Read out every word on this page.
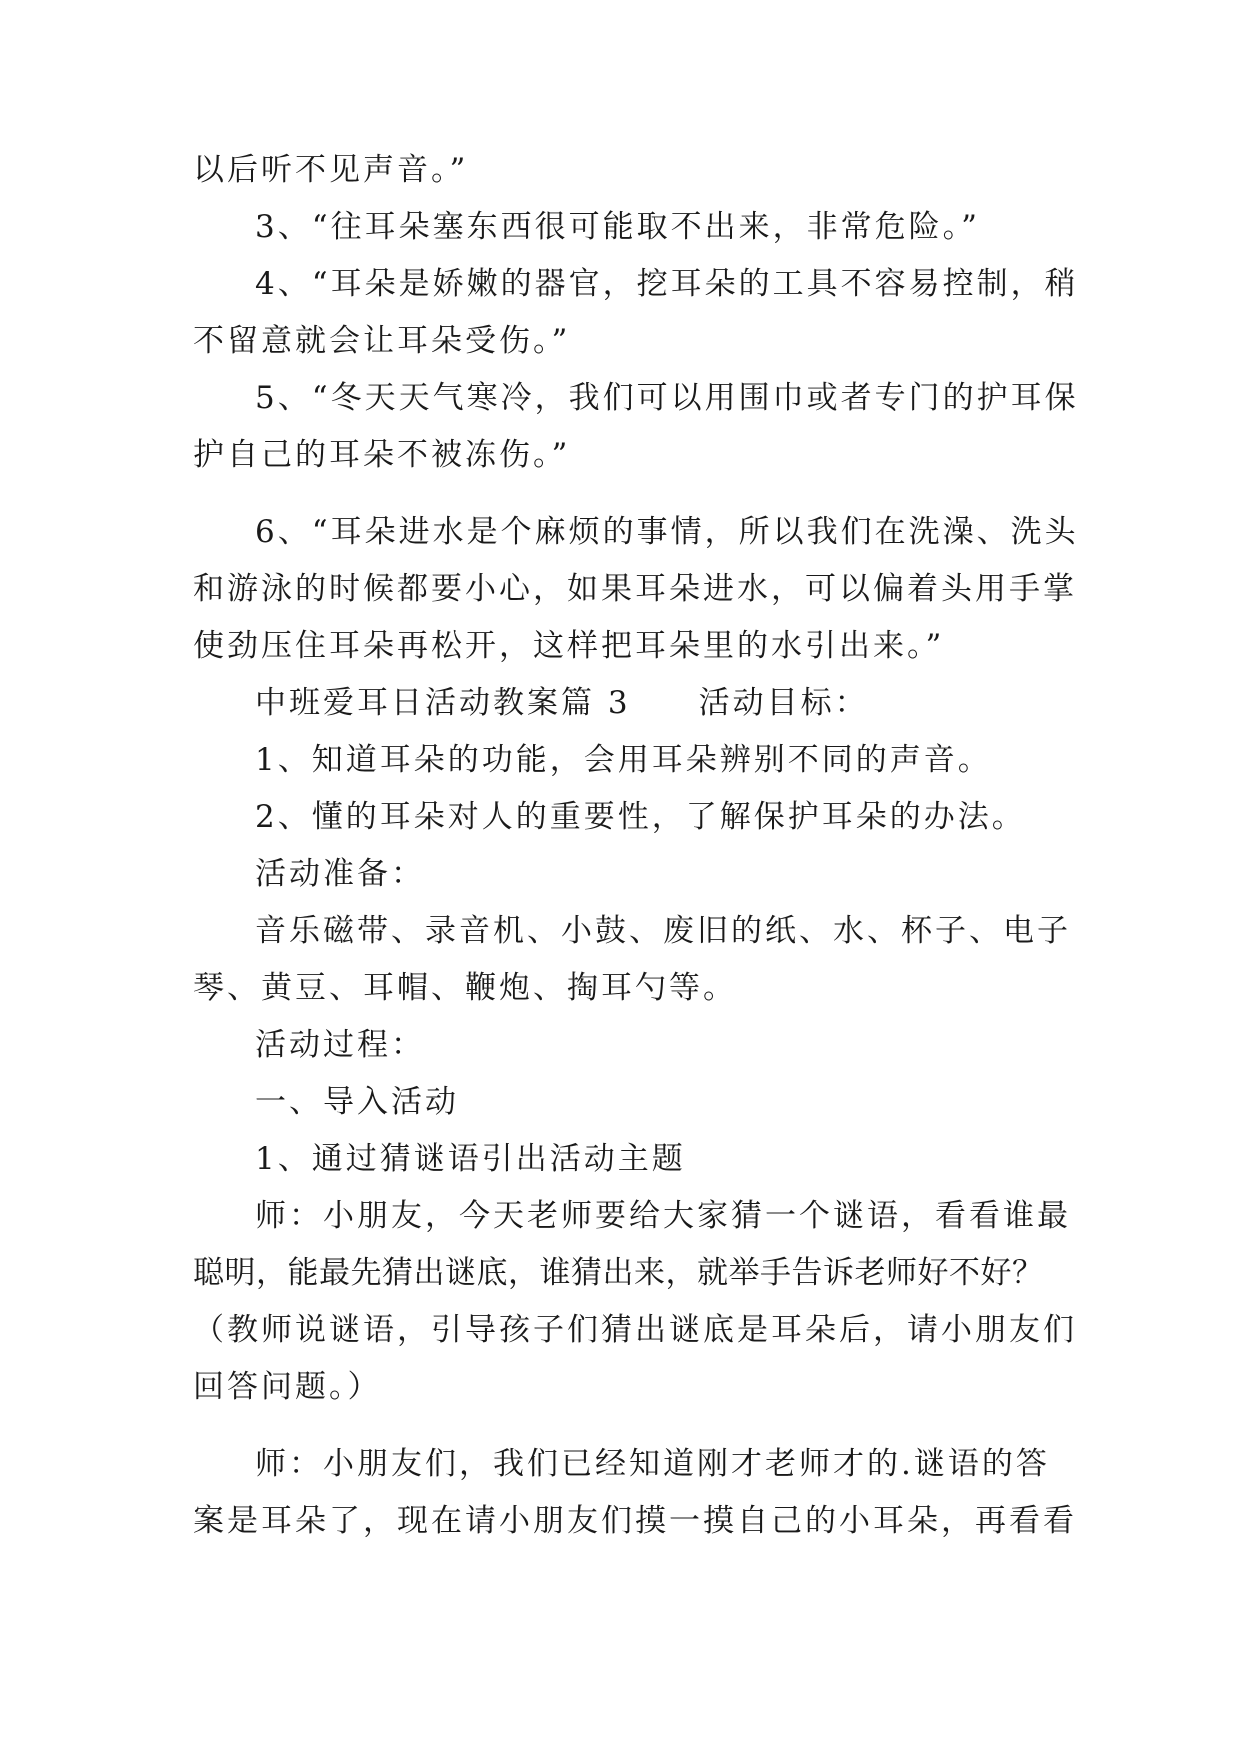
以后听不见声音。”
3、“往耳朵塞东西很可能取不出来，非常危险。”
4、“耳朵是娇嫩的器官，挖耳朵的工具不容易控制，稍
不留意就会让耳朵受伤。”
5、“冬天天气寒冷，我们可以用围巾或者专门的护耳保
护自己的耳朵不被冻伤。”
6、“耳朵进水是个麻烦的事情，所以我们在洗澡、洗头
和游泳的时候都要小心，如果耳朵进水，可以偏着头用手掌
使劲压住耳朵再松开，这样把耳朵里的水引出来。”
中班爱耳日活动教案篇 3　　活动目标：
1、知道耳朵的功能，会用耳朵辨别不同的声音。
2、懂的耳朵对人的重要性，了解保护耳朵的办法。
活动准备：
音乐磁带、录音机、小鼓、废旧的纸、水、杯子、电子
琴、黄豆、耳帽、鞭炮、掏耳勺等。
活动过程：
一、导入活动
1、通过猜谜语引出活动主题
师：小朋友，今天老师要给大家猜一个谜语，看看谁最
聪明，能最先猜出谜底，谁猜出来，就举手告诉老师好不好？
（教师说谜语，引导孩子们猜出谜底是耳朵后，请小朋友们
回答问题。）
师：小朋友们，我们已经知道刚才老师才的.谜语的答
案是耳朵了，现在请小朋友们摸一摸自己的小耳朵，再看看
